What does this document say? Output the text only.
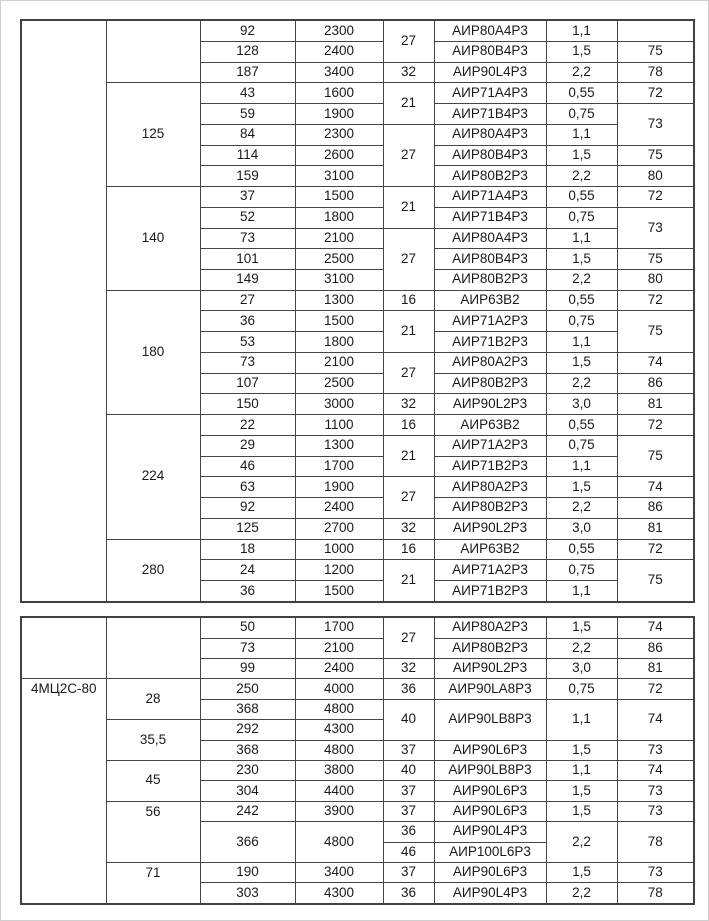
		92	2300	27	АИР80А4Р3	1,1	
		128	2400		АИР80В4Р3	1,5	75
		187	3400	32	АИР90L4Р3	2,2	78
	125	43	1600	21	АИР71А4Р3	0,55	72
		59	1900		АИР71В4Р3	0,75	73
		84	2300	27	АИР80А4Р3	1,1	
		114	2600		АИР80В4Р3	1,5	75
		159	3100		АИР80В2Р3	2,2	80
	140	37	1500	21	АИР71А4Р3	0,55	72
		52	1800		АИР71В4Р3	0,75	73
		73	2100	27	АИР80А4Р3	1,1	
		101	2500		АИР80В4Р3	1,5	75
		149	3100		АИР80В2Р3	2,2	80
	180	27	1300	16	АИР63В2	0,55	72
		36	1500	21	АИР71А2Р3	0,75	75
		53	1800		АИР71В2Р3	1,1	
		73	2100	27	АИР80А2Р3	1,5	74
		107	2500		АИР80В2Р3	2,2	86
		150	3000	32	АИР90L2Р3	3,0	81
	224	22	1100	16	АИР63В2	0,55	72
		29	1300	21	АИР71А2Р3	0,75	75
		46	1700		АИР71В2Р3	1,1	
		63	1900	27	АИР80А2Р3	1,5	74
		92	2400		АИР80В2Р3	2,2	86
		125	2700	32	АИР90L2Р3	3,0	81
	280	18	1000	16	АИР63В2	0,55	72
		24	1200	21	АИР71А2Р3	0,75	75
		36	1500		АИР71В2Р3	1,1	
		50	1700	27	АИР80А2Р3	1,5	74
		73	2100		АИР80В2Р3	2,2	86
		99	2400	32	АИР90L2Р3	3,0	81
4МЦ2С-80	28	250	4000	36	АИР90LA8Р3	0,75	72
		368	4800	40	АИР90LB8Р3	1,1	74
	35,5	292	4300				
		368	4800	37	АИР90L6Р3	1,5	73
	45	230	3800	40	АИР90LB8Р3	1,1	74
		304	4400	37	АИР90L6Р3	1,5	73
	56	242	3900	37	АИР90L6Р3	1,5	73
		366	4800	36	АИР90L4Р3	2,2	78
				46	АИР100L6Р3		
	71	190	3400	37	АИР90L6Р3	1,5	73
		303	4300	36	АИР90L4Р3	2,2	78
